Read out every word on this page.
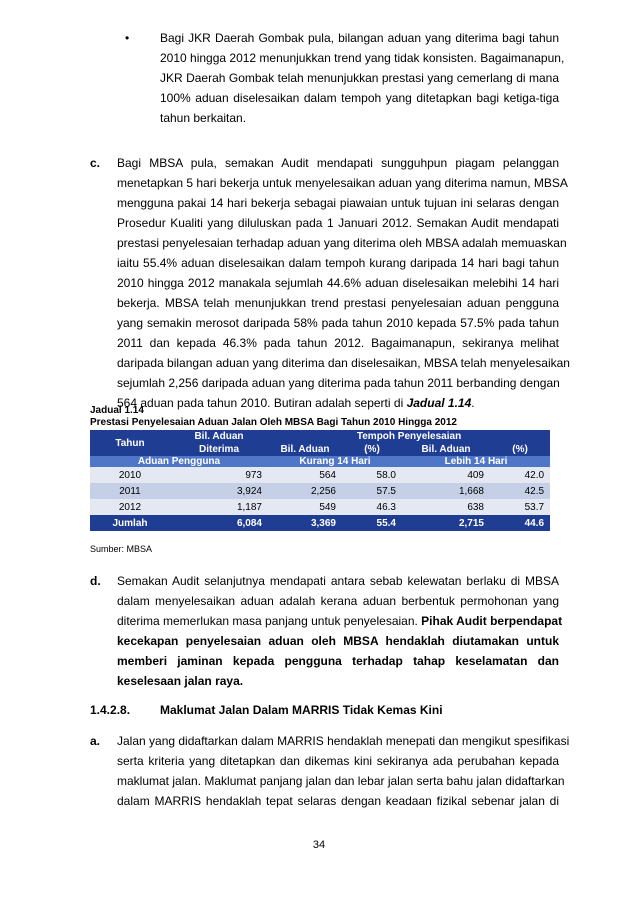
•	Bagi JKR Daerah Gombak pula, bilangan aduan yang diterima bagi tahun
2010 hingga 2012 menunjukkan trend yang tidak konsisten. Bagaimanapun,
JKR Daerah Gombak telah menunjukkan prestasi yang cemerlang di mana
100% aduan diselesaikan dalam tempoh yang ditetapkan bagi ketiga-tiga
tahun berkaitan.
c. Bagi MBSA pula, semakan Audit mendapati sungguhpun piagam pelanggan
menetapkan 5 hari bekerja untuk menyelesaikan aduan yang diterima namun, MBSA
mengguna pakai 14 hari bekerja sebagai piawaian untuk tujuan ini selaras dengan
Prosedur Kualiti yang diluluskan pada 1 Januari 2012. Semakan Audit mendapati
prestasi penyelesaian terhadap aduan yang diterima oleh MBSA adalah memuaskan
iaitu 55.4% aduan diselesaikan dalam tempoh kurang daripada 14 hari bagi tahun
2010 hingga 2012 manakala sejumlah 44.6% aduan diselesaikan melebihi 14 hari
bekerja. MBSA telah menunjukkan trend prestasi penyelesaian aduan pengguna
yang semakin merosot daripada 58% pada tahun 2010 kepada 57.5% pada tahun
2011 dan kepada 46.3% pada tahun 2012. Bagaimanapun, sekiranya melihat
daripada bilangan aduan yang diterima dan diselesaikan, MBSA telah menyelesaikan
sejumlah 2,256 daripada aduan yang diterima pada tahun 2011 berbanding dengan
564 aduan pada tahun 2010. Butiran adalah seperti di Jadual 1.14.
Jadual 1.14
Prestasi Penyelesaian Aduan Jalan Oleh MBSA Bagi Tahun 2010 Hingga 2012
Tahun	Bil. Aduan Diterima	Tempoh Penyelesaian			
		Bil. Aduan	(%)	Bil. Aduan	(%)
Aduan Pengguna		Kurang 14 Hari		Lebih 14 Hari	
2010	973	564	58.0	409	42.0
2011	3,924	2,256	57.5	1,668	42.5
2012	1,187	549	46.3	638	53.7
Jumlah	6,084	3,369	55.4	2,715	44.6
Sumber: MBSA
d. Semakan Audit selanjutnya mendapati antara sebab kelewatan berlaku di MBSA
dalam menyelesaikan aduan adalah kerana aduan berbentuk permohonan yang
diterima memerlukan masa panjang untuk penyelesaian. Pihak Audit berpendapat
kecekapan penyelesaian aduan oleh MBSA hendaklah diutamakan untuk
memberi jaminan kepada pengguna terhadap tahap keselamatan dan
keselesaan jalan raya.
1.4.2.8. Maklumat Jalan Dalam MARRIS Tidak Kemas Kini
a. Jalan yang didaftarkan dalam MARRIS hendaklah menepati dan mengikut spesifikasi
serta kriteria yang ditetapkan dan dikemas kini sekiranya ada perubahan kepada
maklumat jalan. Maklumat panjang jalan dan lebar jalan serta bahu jalan didaftarkan
dalam MARRIS hendaklah tepat selaras dengan keadaan fizikal sebenar jalan di
34
